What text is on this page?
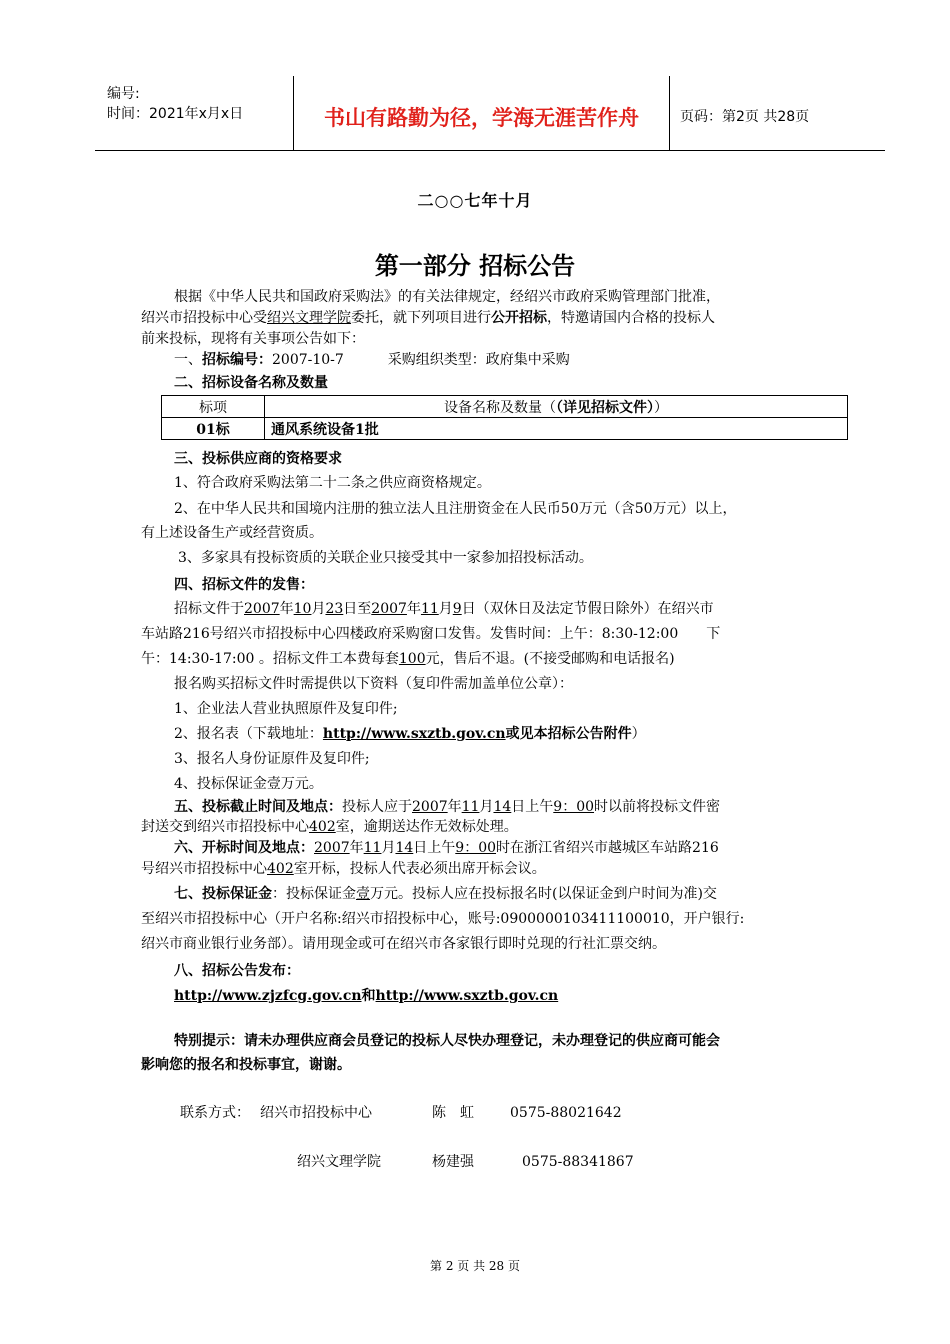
编号:
时间：2021年x月x日	书山有路勤为径，学海无涯苦作舟	页码：第2页 共28页
二○○七年十月
第一部分 招标公告
根据《中华人民共和国政府采购法》的有关法律规定，经绍兴市政府采购管理部门批准，
绍兴市招投标中心受绍兴文理学院委托，就下列项目进行公开招标，特邀请国内合格的投标人
前来投标，现将有关事项公告如下：
一、招标编号：2007-10-7	采购组织类型：政府集中采购
二、招标设备名称及数量
标项	设备名称及数量（（详见招标文件））
01标	通风系统设备1批
三、投标供应商的资格要求
1、符合政府采购法第二十二条之供应商资格规定。
2、在中华人民共和国境内注册的独立法人且注册资金在人民币50万元（含50万元）以上，
有上述设备生产或经营资质。
3、多家具有投标资质的关联企业只接受其中一家参加招投标活动。
四、招标文件的发售：
招标文件于2007年10月23日至2007年11月9日（双休日及法定节假日除外）在绍兴市
车站路216号绍兴市招投标中心四楼政府采购窗口发售。发售时间：上午：8:30-12:00　　下
午：14:30-17:00 。招标文件工本费每套100元，售后不退。(不接受邮购和电话报名)
报名购买招标文件时需提供以下资料（复印件需加盖单位公章）：
1、企业法人营业执照原件及复印件;
2、报名表（下载地址：http://www.sxztb.gov.cn或见本招标公告附件）
3、报名人身份证原件及复印件;
4、投标保证金壹万元。
五、投标截止时间及地点：投标人应于2007年11月14日上午9：00时以前将投标文件密
封送交到绍兴市招投标中心402室，逾期送达作无效标处理。
六、开标时间及地点：2007年11月14日上午9：00时在浙江省绍兴市越城区车站路216
号绍兴市招投标中心402室开标，投标人代表必须出席开标会议。
七、投标保证金：投标保证金壹万元。投标人应在投标报名时(以保证金到户时间为准)交
至绍兴市招投标中心（开户名称:绍兴市招投标中心，账号:0900000103411100010，开户银行:
绍兴市商业银行业务部）。请用现金或可在绍兴市各家银行即时兑现的行社汇票交纳。
八、招标公告发布：
http://www.zjzfcg.gov.cn和http://www.sxztb.gov.cn
特别提示：请未办理供应商会员登记的投标人尽快办理登记，未办理登记的供应商可能会
影响您的报名和投标事宜，谢谢。
联系方式： 绍兴市招投标中心	陈　虹	0575-88021642
绍兴文理学院	杨建强	0575-88341867
第 2 页 共 28 页
